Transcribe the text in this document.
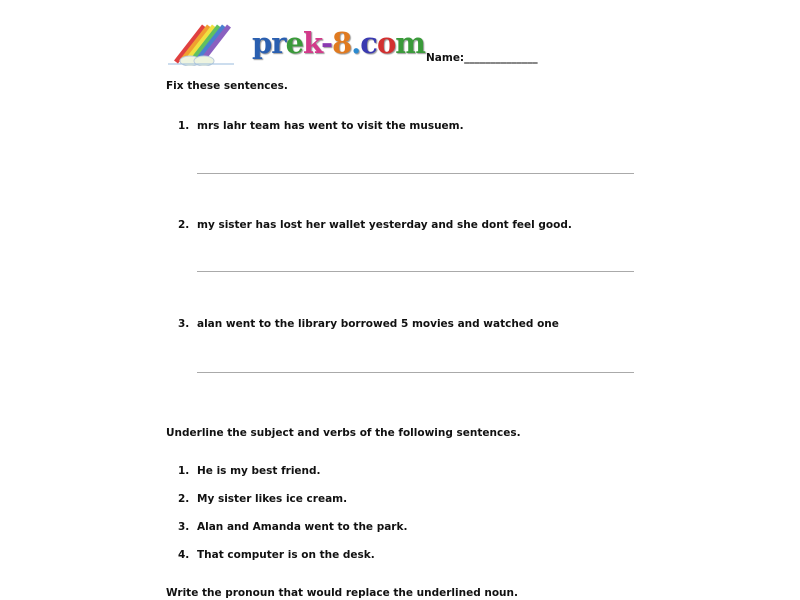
prek-8.com Name:______________
Fix these sentences.
1. mrs lahr team has went to visit the musuem.
2. my sister has lost her wallet yesterday and she dont feel good.
3. alan went to the library borrowed 5 movies and watched one
Underline the subject and verbs of the following sentences.
1. He is my best friend.
2. My sister likes ice cream.
3. Alan and Amanda went to the park.
4. That computer is on the desk.
Write the pronoun that would replace the underlined noun.
